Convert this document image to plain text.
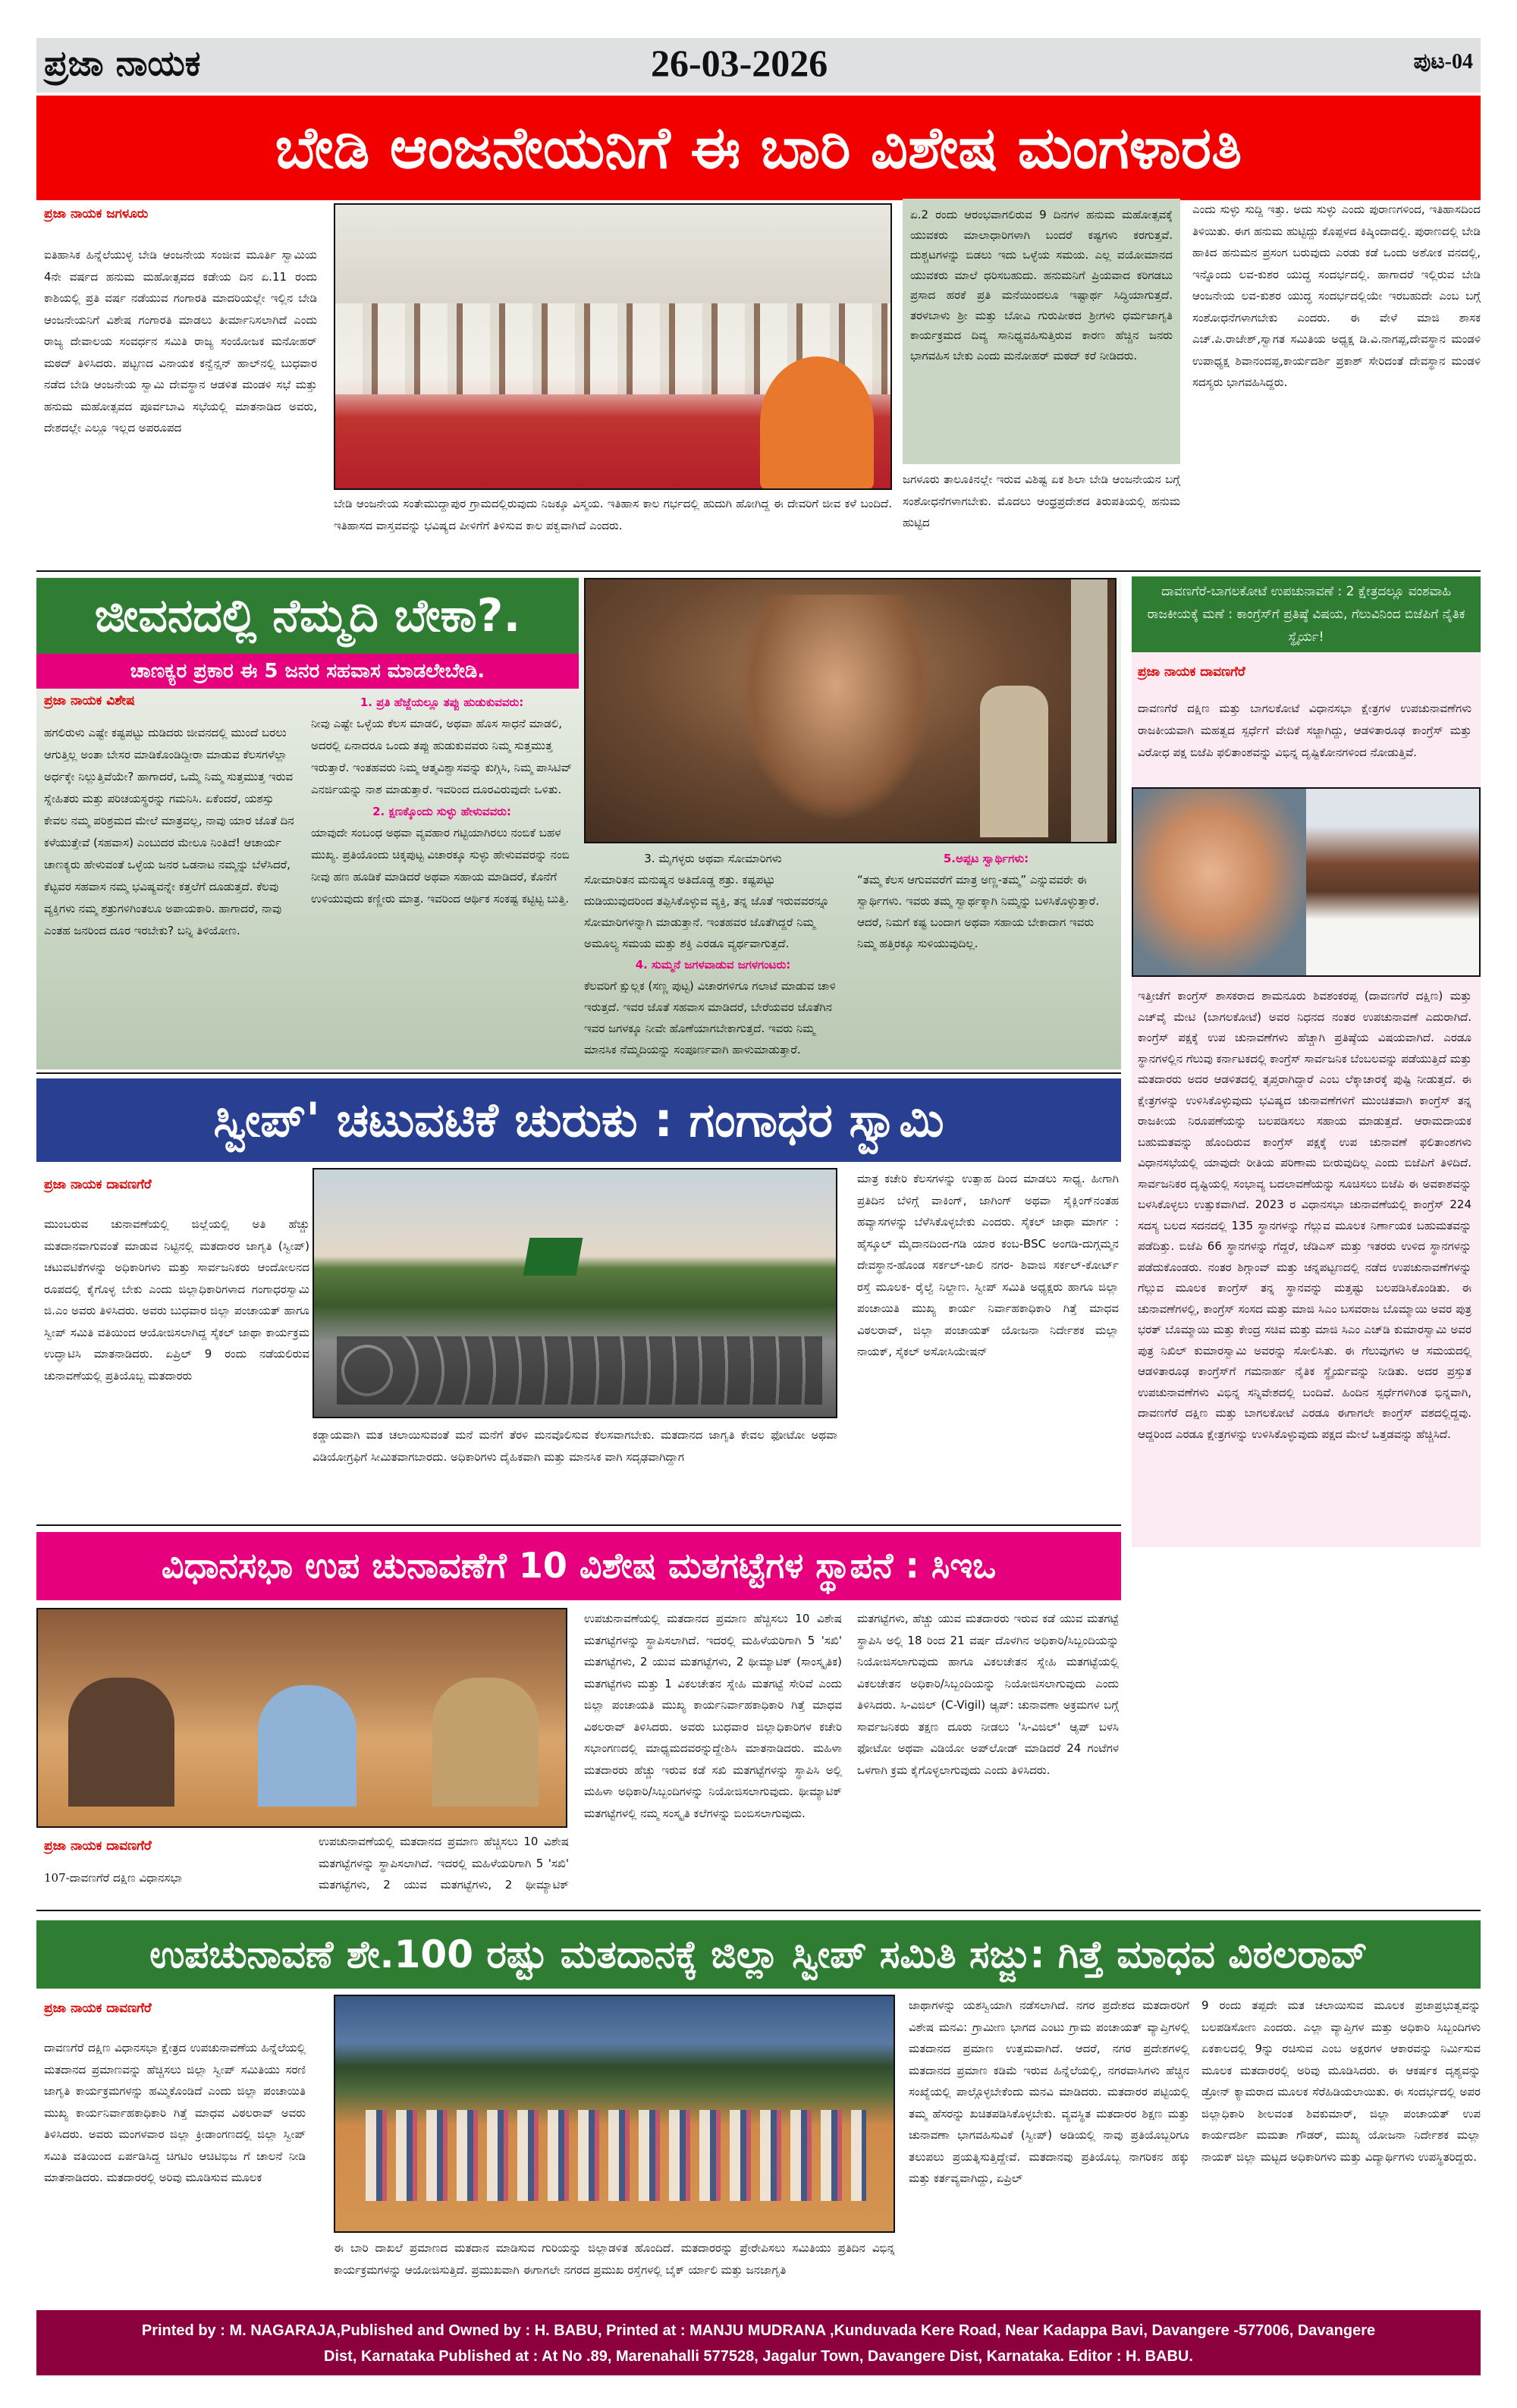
ಪ್ರಜಾ ನಾಯಕ	26-03-2026	ಪುಟ-04
ಬೇಡಿ ಆಂಜನೇಯನಿಗೆ ಈ ಬಾರಿ ವಿಶೇಷ ಮಂಗಳಾರತಿ
ಪ್ರಜಾ ನಾಯಕ ಜಗಳೂರು
ಐತಿಹಾಸಿಕ ಹಿನ್ನೆಲೆಯುಳ್ಳ ಬೇಡಿ ಆಂಜನೇಯ ಸಂಜೀವ ಮೂರ್ತಿ ಸ್ವಾಮಿಯ 4ನೇ ವರ್ಷದ ಹನುಮ ಮಹೋತ್ಸವದ ಕಡೇಯ ದಿನ ಏ.11 ರಂದು ಕಾಶಿಯಲ್ಲಿ ಪ್ರತಿ ವರ್ಷ ನಡೆಯುವ ಗಂಗಾರತಿ ಮಾದರಿಯಲ್ಲೇ ಇಲ್ಲಿನ ಬೇಡಿ ಆಂಜನೇಯನಿಗೆ ವಿಶೇಷ ಗಂಗಾರತಿ ಮಾಡಲು ತೀರ್ಮಾನಿಸಲಾಗಿದೆ ಎಂದು ರಾಜ್ಯ ದೇವಾಲಯ ಸಂವರ್ಧನ ಸಮಿತಿ ರಾಜ್ಯ ಸಂಯೋಜಕ ಮನೋಹರ್ ಮಠದ್ ತಿಳಿಸಿದರು. ಪಟ್ಟಣದ ವಿನಾಯಕ ಕನ್ವೆನ್ಷನ್ ಹಾಲ್‌ನಲ್ಲಿ ಬುಧವಾರ ನಡೆದ ಬೇಡಿ ಆಂಜನೇಯ ಸ್ವಾಮಿ ದೇವಸ್ಥಾನ ಆಡಳಿತ ಮಂಡಳಿ ಸಭೆ ಮತ್ತು ಹನುಮ ಮಹೋತ್ಸವದ ಪೂರ್ವಬಾವಿ ಸಭೆಯಲ್ಲಿ ಮಾತನಾಡಿದ ಅವರು, ದೇಶದಲ್ಲೇ ಎಲ್ಲೂ ಇಲ್ಲದ ಅಪರೂಪದ
ಬೇಡಿ ಆಂಜನೇಯ ಸಂತೇಮುದ್ದಾಪುರ ಗ್ರಾಮದಲ್ಲಿರುವುದು ನಿಜಕ್ಕೂ ವಿಸ್ಮಯ. ಇತಿಹಾಸ ಕಾಲ ಗರ್ಭದಲ್ಲಿ ಹುದುಗಿ ಹೋಗಿದ್ದ ಈ ದೇವರಿಗೆ ಜೀವ ಕಳೆ ಬಂದಿದೆ. ಇತಿಹಾಸದ ವಾಸ್ತವವನ್ನು ಭವಿಷ್ಯದ ಪೀಳಿಗೆಗೆ ತಿಳಿಸುವ ಕಾಲ ಪಕ್ವವಾಗಿದೆ ಎಂದರು.
ಏ.2 ರಂದು ಆರಂಭವಾಗಲಿರುವ 9 ದಿನಗಳ ಹನುಮ ಮಹೋತ್ಸವಕ್ಕೆ ಯುವಕರು ಮಾಲಾಧಾರಿಗಳಾಗಿ ಬಂದರೆ ಕಷ್ಟಗಳು ಕರಗುತ್ತವೆ. ದುಶ್ಚಟಗಳನ್ನು ಬಿಡಲು ಇದು ಒಳ್ಳೆಯ ಸಮಯ. ಎಲ್ಲ ವಯೋಮಾನದ ಯುವಕರು ಮಾಲೆ ಧರಿಸಬಹುದು. ಹನುಮನಿಗೆ ಪ್ರಿಯವಾದ ಕರಿಗಡಬು ಪ್ರಸಾದ ಹರಕೆ ಪ್ರತಿ ಮನೆಯಿಂದಲೂ ಇಷ್ಟಾರ್ಥ ಸಿದ್ಧಿಯಾಗುತ್ತದೆ. ತರಳಬಾಳು ಶ್ರೀ ಮತ್ತು ಬೋವಿ ಗುರುಪೀಠದ ಶ್ರೀಗಳು ಧರ್ಮಜಾಗೃತಿ ಕಾರ್ಯಕ್ರಮದ ದಿವ್ಯ ಸಾನಿಧ್ಯವಹಿಸುತ್ತಿರುವ ಕಾರಣ ಹೆಚ್ಚಿನ ಜನರು ಭಾಗವಹಿಸ ಬೇಕು ಎಂದು ಮನೋಹರ್ ಮಠದ್ ಕರೆ ನೀಡಿದರು.
ಜಗಳೂರು ತಾಲೂಕಿನಲ್ಲೇ ಇರುವ ವಿಶಿಷ್ಟ ಏಕ ಶಿಲಾ ಬೇಡಿ ಆಂಜನೇಯನ ಬಗ್ಗೆ ಸಂಶೋಧನೆಗಳಾಗಬೇಕು. ಮೊದಲು ಆಂಧ್ರಪ್ರದೇಶದ ತಿರುಪತಿಯಲ್ಲಿ ಹನುಮ ಹುಟ್ಟಿದ
ಎಂದು ಸುಳ್ಳು ಸುದ್ದಿ ಇತ್ತು. ಅದು ಸುಳ್ಳು ಎಂದು ಪುರಾಣಗಳಿಂದ, ಇತಿಹಾಸದಿಂದ ತಿಳಿಯಿತು. ಈಗ ಹನುಮ ಹುಟ್ಟಿದ್ದು ಕೊಪ್ಪಳದ ಕಿಷ್ಕಿಂದಾದಲ್ಲಿ. ಪುರಾಣದಲ್ಲಿ ಬೇಡಿ ಹಾಕಿದ ಹನುಮನ ಪ್ರಸಂಗ ಬರುವುದು ಎರಡು ಕಡೆ ಒಂದು ಅಶೋಕ ವನದಲ್ಲಿ, ಇನ್ನೊಂದು ಲವ-ಕುಶರ ಯುದ್ಧ ಸಂದರ್ಭದಲ್ಲಿ. ಹಾಗಾದರೆ ಇಲ್ಲಿರುವ ಬೇಡಿ ಆಂಜನೇಯ ಲವ-ಕುಶರ ಯುದ್ಧ ಸಂದರ್ಭದಲ್ಲಿಯೇ ಇರಬಹುದೇ ಎಂಬ ಬಗ್ಗೆ ಸಂಶೋಧನೆಗಳಾಗಬೇಕು ಎಂದರು. ಈ ವೇಳೆ ಮಾಜಿ ಶಾಸಕ ಎಚ್.ಪಿ.ರಾಜೇಶ್,ಸ್ವಾಗತ ಸಮಿತಿಯ ಅಧ್ಯಕ್ಷ ಡಿ.ವಿ.ನಾಗಪ್ಪ,ದೇವಸ್ಥಾನ ಮಂಡಳಿ ಉಪಾಧ್ಯಕ್ಷ ಶಿವಾನಂದಪ್ಪ,ಕಾರ್ಯದರ್ಶಿ ಪ್ರಕಾಶ್ ಸೇರಿದಂತೆ ದೇವಸ್ಥಾನ ಮಂಡಳಿ ಸದಸ್ಯರು ಭಾಗವಹಿಸಿದ್ದರು.
ಜೀವನದಲ್ಲಿ ನೆಮ್ಮದಿ ಬೇಕಾ?.
ಚಾಣಕ್ಯರ ಪ್ರಕಾರ ಈ 5 ಜನರ ಸಹವಾಸ ಮಾಡಲೇಬೇಡಿ.
ಪ್ರಜಾ ನಾಯಕ ವಿಶೇಷ
ಹಗಲಿರುಳು ಎಷ್ಟೇ ಕಷ್ಟಪಟ್ಟು ದುಡಿದರು ಜೀವನದಲ್ಲಿ ಮುಂದೆ ಬರಲು ಆಗುತ್ತಿಲ್ಲ ಅಂತಾ ಬೇಸರ ಮಾಡಿಕೊಂಡಿದ್ದೀರಾ ಮಾಡುವ ಕೆಲಸಗಳೆಲ್ಲಾ ಅರ್ಧಕ್ಕೇ ನಿಲ್ಲುತ್ತಿವೆಯೇ? ಹಾಗಾದರೆ, ಒಮ್ಮೆ ನಿಮ್ಮ ಸುತ್ತಮುತ್ತ ಇರುವ ಸ್ನೇಹಿತರು ಮತ್ತು ಪರಿಚಯಸ್ಥರನ್ನು ಗಮನಿಸಿ. ಏಕೆಂದರೆ, ಯಶಸ್ಸು ಕೇವಲ ನಮ್ಮ ಪರಿಶ್ರಮದ ಮೇಲೆ ಮಾತ್ರವಲ್ಲ, ನಾವು ಯಾರ ಜೊತೆ ದಿನ ಕಳೆಯುತ್ತೇವೆ (ಸಹವಾಸ) ಎಂಬುದರ ಮೇಲೂ ನಿಂತಿದೆ! ಆಚಾರ್ಯ ಚಾಣಕ್ಯರು ಹೇಳುವಂತೆ ಒಳ್ಳೆಯ ಜನರ ಒಡನಾಟ ನಮ್ಮನ್ನು ಬೆಳೆಸಿದರೆ, ಕೆಟ್ಟವರ ಸಹವಾಸ ನಮ್ಮ ಭವಿಷ್ಯವನ್ನೇ ಕತ್ತಲೆಗೆ ದೂಡುತ್ತದೆ. ಕೆಲವು ವ್ಯಕ್ತಿಗಳು ನಮ್ಮ ಶತ್ರುಗಳಿಗಿಂತಲೂ ಅಪಾಯಕಾರಿ. ಹಾಗಾದರೆ, ನಾವು ಎಂತಹ ಜನರಿಂದ ದೂರ ಇರಬೇಕು? ಬನ್ನಿ ತಿಳಿಯೋಣ.
1. ಪ್ರತಿ ಹೆಜ್ಜೆಯಲ್ಲೂ ತಪ್ಪು ಹುಡುಕುವವರು:
ನೀವು ಎಷ್ಟೇ ಒಳ್ಳೆಯ ಕೆಲಸ ಮಾಡಲಿ, ಅಥವಾ ಹೊಸ ಸಾಧನೆ ಮಾಡಲಿ, ಅದರಲ್ಲಿ ಏನಾದರೂ ಒಂದು ತಪ್ಪು ಹುಡುಕುವವರು ನಿಮ್ಮ ಸುತ್ತಮುತ್ತ ಇರುತ್ತಾರೆ. ಇಂತಹವರು ನಿಮ್ಮ ಆತ್ಮವಿಶ್ವಾಸವನ್ನು ಕುಗ್ಗಿಸಿ, ನಿಮ್ಮ ಪಾಸಿಟಿವ್ ಎನರ್ಜಿಯನ್ನು ನಾಶ ಮಾಡುತ್ತಾರೆ. ಇವರಿಂದ ದೂರವಿರುವುದೇ ಒಳಿತು.
2. ಕ್ಷಣಕ್ಕೊಂದು ಸುಳ್ಳು ಹೇಳುವವರು:
ಯಾವುದೇ ಸಂಬಂಧ ಅಥವಾ ವ್ಯವಹಾರ ಗಟ್ಟಿಯಾಗಿರಲು ನಂಬಿಕೆ ಬಹಳ ಮುಖ್ಯ. ಪ್ರತಿಯೊಂದು ಚಿಕ್ಕಪುಟ್ಟ ವಿಚಾರಕ್ಕೂ ಸುಳ್ಳು ಹೇಳುವವರನ್ನು ನಂಬಿ ನೀವು ಹಣ ಹೂಡಿಕೆ ಮಾಡಿದರೆ ಅಥವಾ ಸಹಾಯ ಮಾಡಿದರೆ, ಕೊನೆಗೆ ಉಳಿಯುವುದು ಕಣ್ಣೀರು ಮಾತ್ರ. ಇವರಿಂದ ಆರ್ಥಿಕ ಸಂಕಷ್ಟ ಕಟ್ಟಿಟ್ಟ ಬುತ್ತಿ.
3. ಮೈಗಳ್ಳರು ಅಥವಾ ಸೋಮಾರಿಗಳು
ಸೋಮಾರಿತನ ಮನುಷ್ಯನ ಅತಿದೊಡ್ಡ ಶತ್ರು. ಕಷ್ಟಪಟ್ಟು ದುಡಿಯುವುದರಿಂದ ತಪ್ಪಿಸಿಕೊಳ್ಳುವ ವ್ಯಕ್ತಿ, ತನ್ನ ಜೊತೆ ಇರುವವರನ್ನೂ ಸೋಮಾರಿಗಳನ್ನಾಗಿ ಮಾಡುತ್ತಾನೆ. ಇಂತಹವರ ಜೊತೆಗಿದ್ದರೆ ನಿಮ್ಮ ಅಮೂಲ್ಯ ಸಮಯ ಮತ್ತು ಶಕ್ತಿ ಎರಡೂ ವ್ಯರ್ಥವಾಗುತ್ತದೆ.
4. ಸುಮ್ಮನೆ ಜಗಳವಾಡುವ ಜಗಳಗಂಟರು:
ಕೆಲವರಿಗೆ ಕ್ಷುಲ್ಲಕ (ಸಣ್ಣ ಪುಟ್ಟ) ವಿಚಾರಗಳಿಗೂ ಗಲಾಟೆ ಮಾಡುವ ಚಾಳಿ ಇರುತ್ತದೆ. ಇವರ ಜೊತೆ ಸಹವಾಸ ಮಾಡಿದರೆ, ಬೇರೆಯವರ ಜೊತೆಗಿನ ಇವರ ಜಗಳಕ್ಕೂ ನೀವೇ ಹೊಣೆಯಾಗಬೇಕಾಗುತ್ತದೆ. ಇವರು ನಿಮ್ಮ ಮಾನಸಿಕ ನೆಮ್ಮದಿಯನ್ನು ಸಂಪೂರ್ಣವಾಗಿ ಹಾಳುಮಾಡುತ್ತಾರೆ.
5.ಅಪ್ಪಟ ಸ್ವಾರ್ಥಿಗಳು:
“ತಮ್ಮ ಕೆಲಸ ಆಗುವವರೆಗೆ ಮಾತ್ರ ಅಣ್ಣ-ತಮ್ಮ” ಎನ್ನುವವರೇ ಈ ಸ್ವಾರ್ಥಿಗಳು. ಇವರು ತಮ್ಮ ಸ್ವಾರ್ಥಕ್ಕಾಗಿ ನಿಮ್ಮನ್ನು ಬಳಸಿಕೊಳ್ಳುತ್ತಾರೆ. ಆದರೆ, ನಿಮಗೆ ಕಷ್ಟ ಬಂದಾಗ ಅಥವಾ ಸಹಾಯ ಬೇಕಾದಾಗ ಇವರು ನಿಮ್ಮ ಹತ್ತಿರಕ್ಕೂ ಸುಳಿಯುವುದಿಲ್ಲ.
ದಾವಣಗೆರೆ-ಬಾಗಲಕೋಟೆ ಉಪಚುನಾವಣೆ : 2 ಕ್ಷೇತ್ರದಲ್ಲೂ ವಂಶವಾಹಿ ರಾಜಕೀಯಕ್ಕೆ ಮಣೆ : ಕಾಂಗ್ರೆಸ್‌ಗೆ ಪ್ರತಿಷ್ಠೆ ವಿಷಯ, ಗೆಲುವಿನಿಂದ ಬಿಜೆಪಿಗೆ ನೈತಿಕ ಸ್ಥೈರ್ಯ!
ಪ್ರಜಾ ನಾಯಕ ದಾವಣಗೆರೆ
ದಾವಣಗೆರೆ ದಕ್ಷಿಣ ಮತ್ತು ಬಾಗಲಕೋಟೆ ವಿಧಾನಸಭಾ ಕ್ಷೇತ್ರಗಳ ಉಪಚುನಾವಣೆಗಳು ರಾಜಕೀಯವಾಗಿ ಮಹತ್ವದ ಸ್ಪರ್ಧೆಗೆ ವೇದಿಕೆ ಸಜ್ಜಾಗಿದ್ದು, ಆಡಳಿತಾರೂಢ ಕಾಂಗ್ರೆಸ್ ಮತ್ತು ವಿರೋಧ ಪಕ್ಷ ಬಿಜೆಪಿ ಫಲಿತಾಂಶವನ್ನು ವಿಭಿನ್ನ ದೃಷ್ಟಿಕೋನಗಳಿಂದ ನೋಡುತ್ತಿವೆ.
ಇತ್ತೀಚೆಗೆ ಕಾಂಗ್ರೆಸ್ ಶಾಸಕರಾದ ಶಾಮನೂರು ಶಿವಶಂಕರಪ್ಪ (ದಾವಣಗೆರೆ ದಕ್ಷಿಣ) ಮತ್ತು ಎಚ್‌ವೈ ಮೇಟಿ (ಬಾಗಲಕೋಟೆ) ಅವರ ನಿಧನದ ನಂತರ ಉಪಚುನಾವಣೆ ಎದುರಾಗಿದೆ. ಕಾಂಗ್ರೆಸ್ ಪಕ್ಷಕ್ಕೆ ಉಪ ಚುನಾವಣೆಗಳು ಹೆಚ್ಚಾಗಿ ಪ್ರತಿಷ್ಠೆಯ ವಿಷಯವಾಗಿದೆ. ಎರಡೂ ಸ್ಥಾನಗಳಲ್ಲಿನ ಗೆಲುವು ಕರ್ನಾಟಕದಲ್ಲಿ ಕಾಂಗ್ರೆಸ್ ಸಾರ್ವಜನಿಕ ಬೆಂಬಲವನ್ನು ಪಡೆಯುತ್ತಿದೆ ಮತ್ತು ಮತದಾರರು ಅದರ ಆಡಳಿತದಲ್ಲಿ ತೃಪ್ತರಾಗಿದ್ದಾರೆ ಎಂಬ ಲೆಕ್ಕಾಚಾರಕ್ಕೆ ಪುಷ್ಟಿ ನೀಡುತ್ತದೆ. ಈ ಕ್ಷೇತ್ರಗಳನ್ನು ಉಳಿಸಿಕೊಳ್ಳುವುದು ಭವಿಷ್ಯದ ಚುನಾವಣೆಗಳಿಗೆ ಮುಂಚಿತವಾಗಿ ಕಾಂಗ್ರೆಸ್ ತನ್ನ ರಾಜಕೀಯ ನಿರೂಪಣೆಯನ್ನು ಬಲಪಡಿಸಲು ಸಹಾಯ ಮಾಡುತ್ತದೆ. ಆರಾಮದಾಯಕ ಬಹುಮತವನ್ನು ಹೊಂದಿರುವ ಕಾಂಗ್ರೆಸ್ ಪಕ್ಷಕ್ಕೆ ಉಪ ಚುನಾವಣೆ ಫಲಿತಾಂಶಗಳು ವಿಧಾನಸಭೆಯಲ್ಲಿ ಯಾವುದೇ ರೀತಿಯ ಪರಿಣಾಮ ಬೀರುವುದಿಲ್ಲ ಎಂದು ಬಿಜೆಪಿಗೆ ತಿಳಿದಿದೆ. ಸಾರ್ವಜನಿಕರ ದೃಷ್ಟಿಯಲ್ಲಿ ಸಂಭಾವ್ಯ ಬದಲಾವಣೆಯನ್ನು ಸೂಚಿಸಲು ಬಿಜೆಪಿ ಈ ಅವಕಾಶವನ್ನು ಬಳಸಿಕೊಳ್ಳಲು ಉತ್ಸುಕವಾಗಿದೆ. 2023 ರ ವಿಧಾನಸಭಾ ಚುನಾವಣೆಯಲ್ಲಿ ಕಾಂಗ್ರೆಸ್ 224 ಸದಸ್ಯ ಬಲದ ಸದನದಲ್ಲಿ 135 ಸ್ಥಾನಗಳನ್ನು ಗೆಲ್ಲುವ ಮೂಲಕ ನಿರ್ಣಾಯಕ ಬಹುಮತವನ್ನು ಪಡೆದಿತ್ತು. ಬಿಜೆಪಿ 66 ಸ್ಥಾನಗಳನ್ನು ಗೆದ್ದರೆ, ಜೆಡಿಎಸ್ ಮತ್ತು ಇತರರು ಉಳಿದ ಸ್ಥಾನಗಳನ್ನು ಪಡೆದುಕೊಂಡರು. ನಂತರ ಶಿಗ್ಗಾಂವ್ ಮತ್ತು ಚನ್ನಪಟ್ಟಣದಲ್ಲಿ ನಡೆದ ಉಪಚುನಾವಣೆಗಳನ್ನು ಗೆಲ್ಲುವ ಮೂಲಕ ಕಾಂಗ್ರೆಸ್ ತನ್ನ ಸ್ಥಾನವನ್ನು ಮತ್ತಷ್ಟು ಬಲಪಡಿಸಿಕೊಂಡಿತು. ಈ ಚುನಾವಣೆಗಳಲ್ಲಿ, ಕಾಂಗ್ರೆಸ್ ಸಂಸದ ಮತ್ತು ಮಾಜಿ ಸಿಎಂ ಬಸವರಾಜ ಬೊಮ್ಮಾಯಿ ಅವರ ಪುತ್ರ ಭರತ್ ಬೊಮ್ಮಾಯಿ ಮತ್ತು ಕೇಂದ್ರ ಸಚಿವ ಮತ್ತು ಮಾಜಿ ಸಿಎಂ ಎಚ್‌ಡಿ ಕುಮಾರಸ್ವಾಮಿ ಅವರ ಪುತ್ರ ನಿಖಿಲ್ ಕುಮಾರಸ್ವಾಮಿ ಅವರನ್ನು ಸೋಲಿಸಿತು. ಈ ಗೆಲುವುಗಳು ಆ ಸಮಯದಲ್ಲಿ ಆಡಳಿತಾರೂಢ ಕಾಂಗ್ರೆಸ್‌ಗೆ ಗಮನಾರ್ಹ ನೈತಿಕ ಸ್ಥೈರ್ಯವನ್ನು ನೀಡಿತು. ಅದರ ಪ್ರಸ್ತುತ ಉಪಚುನಾವಣೆಗಳು ವಿಭಿನ್ನ ಸನ್ನಿವೇಶದಲ್ಲಿ ಬಂದಿವೆ. ಹಿಂದಿನ ಸ್ಪರ್ಧೆಗಳಿಗಿಂತ ಭಿನ್ನವಾಗಿ, ದಾವಣಗೆರೆ ದಕ್ಷಿಣ ಮತ್ತು ಬಾಗಲಕೋಟೆ ಎರಡೂ ಈಗಾಗಲೇ ಕಾಂಗ್ರೆಸ್ ವಶದಲ್ಲಿದ್ದವು. ಆದ್ದರಿಂದ ಎರಡೂ ಕ್ಷೇತ್ರಗಳನ್ನು ಉಳಿಸಿಕೊಳ್ಳುವುದು ಪಕ್ಷದ ಮೇಲೆ ಒತ್ತಡವನ್ನು ಹೆಚ್ಚಿಸಿದೆ.
ಸ್ವೀಪ್' ಚಟುವಟಿಕೆ ಚುರುಕು : ಗಂಗಾಧರ ಸ್ವಾಮಿ
ಪ್ರಜಾ ನಾಯಕ ದಾವಣಗೆರೆ
ಮುಂಬರುವ ಚುನಾವಣೆಯಲ್ಲಿ ಜಿಲ್ಲೆಯಲ್ಲಿ ಅತಿ ಹೆಚ್ಚು ಮತದಾನವಾಗುವಂತೆ ಮಾಡುವ ನಿಟ್ಟಿನಲ್ಲಿ ಮತದಾರರ ಜಾಗೃತಿ (ಸ್ವೀಪ್) ಚಟುವಟಿಕೆಗಳನ್ನು ಅಧಿಕಾರಿಗಳು ಮತ್ತು ಸಾರ್ವಜನಿಕರು ಆಂದೋಲನದ ರೂಪದಲ್ಲಿ ಕೈಗೊಳ್ಳ ಬೇಕು ಎಂದು ಜಿಲ್ಲಾಧಿಕಾರಿಗಳಾದ ಗಂಗಾಧರಸ್ವಾಮಿ ಜಿ.ಎಂ ಅವರು ತಿಳಿಸಿದರು. ಅವರು ಬುಧವಾರ ಜಿಲ್ಲಾ ಪಂಚಾಯತ್ ಹಾಗೂ ಸ್ವೀಪ್ ಸಮಿತಿ ವತಿಯಿಂದ ಆಯೋಜಿಸಲಾಗಿದ್ದ ಸೈಕಲ್ ಜಾಥಾ ಕಾರ್ಯಕ್ರಮ ಉದ್ಘಾಟಿಸಿ ಮಾತನಾಡಿದರು. ಏಪ್ರಿಲ್ 9 ರಂದು ನಡೆಯಲಿರುವ ಚುನಾವಣೆಯಲ್ಲಿ ಪ್ರತಿಯೊಬ್ಬ ಮತದಾರರು
ಕಡ್ಡಾಯವಾಗಿ ಮತ ಚಲಾಯಿಸುವಂತೆ ಮನೆ ಮನೆಗೆ ತೆರಳಿ ಮನವೊಲಿಸುವ ಕೆಲಸವಾಗಬೇಕು. ಮತದಾನದ ಜಾಗೃತಿ ಕೇವಲ ಫೋಟೋ ಅಥವಾ ವಿಡಿಯೋಗ್ರಫಿಗೆ ಸೀಮಿತವಾಗಬಾರದು. ಅಧಿಕಾರಿಗಳು ದೈಹಿಕವಾಗಿ ಮತ್ತು ಮಾನಸಿಕ ವಾಗಿ ಸದೃಢವಾಗಿದ್ದಾಗ
ಮಾತ್ರ ಕಚೇರಿ ಕೆಲಸಗಳನ್ನು ಉತ್ಸಾಹ ದಿಂದ ಮಾಡಲು ಸಾಧ್ಯ. ಹೀಗಾಗಿ ಪ್ರತಿದಿನ ಬೆಳಿಗ್ಗೆ ವಾಕಿಂಗ್, ಜಾಗಿಂಗ್ ಅಥವಾ ಸೈಕ್ಲಿಂಗ್‌ನಂತಹ ಹವ್ಯಾಸಗಳನ್ನು ಬೆಳೆಸಿಕೊಳ್ಳಬೇಕು ಎಂದರು. ಸೈಕಲ್ ಜಾಥಾ ಮಾರ್ಗ : ಹೈಸ್ಕೂಲ್ ಮೈದಾನದಿಂದ-ಗಡಿ ಯಾರ ಕಂಬ-BSC ಅಂಗಡಿ-ದುಗ್ಗಮ್ಮನ ದೇವಸ್ಥಾನ-ಹೊಂಡ ಸರ್ಕಲ್-ಜಾಲಿ ನಗರ- ಶಿವಾಜಿ ಸರ್ಕಲ್-ಕೋರ್ಟ್ ರಸ್ತೆ ಮೂಲಕ- ರೈಲ್ವೆ ನಿಲ್ದಾಣ. ಸ್ವೀಪ್ ಸಮಿತಿ ಅಧ್ಯಕ್ಷರು ಹಾಗೂ ಜಿಲ್ಲಾ ಪಂಚಾಯಿತಿ ಮುಖ್ಯ ಕಾರ್ಯ ನಿರ್ವಾಹಕಾಧಿಕಾರಿ ಗಿತ್ತೆ ಮಾಧವ ವಿಠಲರಾವ್, ಜಿಲ್ಲಾ ಪಂಚಾಯತ್ ಯೋಜನಾ ನಿರ್ದೇಶಕ ಮಲ್ಲಾ ನಾಯಕ್, ಸೈಕಲ್ ಅಸೋಸಿಯೇಷನ್
ವಿಧಾನಸಭಾ ಉಪ ಚುನಾವಣೆಗೆ 10 ವಿಶೇಷ ಮತಗಟ್ಟೆಗಳ ಸ್ಥಾಪನೆ : ಸಿಇಒ
ಪ್ರಜಾ ನಾಯಕ ದಾವಣಗೆರೆ
107-ದಾವಣಗೆರೆ ದಕ್ಷಿಣ ವಿಧಾನಸಭಾ
ಉಪಚುನಾವಣೆಯಲ್ಲಿ ಮತದಾನದ ಪ್ರಮಾಣ ಹೆಚ್ಚಿಸಲು 10 ವಿಶೇಷ ಮತಗಟ್ಟೆಗಳನ್ನು ಸ್ಥಾಪಿಸಲಾಗಿದೆ. ಇದರಲ್ಲಿ ಮಹಿಳೆಯರಿಗಾಗಿ 5 'ಸಖಿ' ಮತಗಟ್ಟೆಗಳು, 2 ಯುವ ಮತಗಟ್ಟೆಗಳು, 2 ಥೀಮ್ಯಾಟಿಕ್
ಉಪಚುನಾವಣೆಯಲ್ಲಿ ಮತದಾನದ ಪ್ರಮಾಣ ಹೆಚ್ಚಿಸಲು 10 ವಿಶೇಷ ಮತಗಟ್ಟೆಗಳನ್ನು ಸ್ಥಾಪಿಸಲಾಗಿದೆ. ಇದರಲ್ಲಿ ಮಹಿಳೆಯರಿಗಾಗಿ 5 'ಸಖಿ' ಮತಗಟ್ಟೆಗಳು, 2 ಯುವ ಮತಗಟ್ಟೆಗಳು, 2 ಥೀಮ್ಯಾಟಿಕ್ (ಸಾಂಸ್ಕೃತಿಕ) ಮತಗಟ್ಟೆಗಳು ಮತ್ತು 1 ವಿಕಲಚೇತನ ಸ್ನೇಹಿ ಮತಗಟ್ಟೆ ಸೇರಿವೆ ಎಂದು ಜಿಲ್ಲಾ ಪಂಚಾಯತಿ ಮುಖ್ಯ ಕಾರ್ಯನಿರ್ವಾಹಕಾಧಿಕಾರಿ ಗಿತ್ತೆ ಮಾಧವ ವಿಠಲರಾವ್ ತಿಳಿಸಿದರು. ಅವರು ಬುಧವಾರ ಜಿಲ್ಲಾಧಿಕಾರಿಗಳ ಕಚೇರಿ ಸಭಾಂಗಣದಲ್ಲಿ ಮಾಧ್ಯಮದವರನ್ನುದ್ದೇಶಿಸಿ ಮಾತನಾಡಿದರು. ಮಹಿಳಾ ಮತದಾರರು ಹೆಚ್ಚು ಇರುವ ಕಡೆ ಸಖಿ ಮತಗಟ್ಟೆಗಳನ್ನು ಸ್ಥಾಪಿಸಿ ಅಲ್ಲಿ ಮಹಿಳಾ ಅಧಿಕಾರಿ/ಸಿಬ್ಬಂದಿಗಳನ್ನು ನಿಯೋಜಿಸಲಾಗುವುದು. ಥೀಮ್ಯಾಟಿಕ್ ಮತಗಟ್ಟೆಗಳಲ್ಲಿ ನಮ್ಮ ಸಂಸ್ಕೃತಿ ಕಲೆಗಳನ್ನು ಬಿಂಬಿಸಲಾಗುವುದು.
ಮತಗಟ್ಟೆಗಳು, ಹೆಚ್ಚು ಯುವ ಮತದಾರರು ಇರುವ ಕಡೆ ಯುವ ಮತಗಟ್ಟೆ ಸ್ಥಾಪಿಸಿ ಅಲ್ಲಿ 18 ರಿಂದ 21 ವರ್ಷ ದೊಳಗಿನ ಅಧಿಕಾರಿ/ಸಿಬ್ಬಂದಿಯನ್ನು ನಿಯೋಜಿಸಲಾಗುವುದು ಹಾಗೂ ವಿಕಲಚೇತನ ಸ್ನೇಹಿ ಮತಗಟ್ಟೆಯಲ್ಲಿ ವಿಕಲಚೇತನ ಅಧಿಕಾರಿ/ಸಿಬ್ಬಂದಿಯನ್ನು ನಿಯೋಜಿಸಲಾಗುವುದು ಎಂದು ತಿಳಿಸಿದರು. ಸಿ-ವಿಜಿಲ್ (C-Vigil) ಆ್ಯಪ್: ಚುನಾವಣಾ ಅಕ್ರಮಗಳ ಬಗ್ಗೆ ಸಾರ್ವಜನಿಕರು ತಕ್ಷಣ ದೂರು ನೀಡಲು 'ಸಿ-ವಿಜಿಲ್' ಆ್ಯಪ್ ಬಳಸಿ ಫೋಟೋ ಅಥವಾ ವಿಡಿಯೋ ಅಪ್‌ಲೋಡ್ ಮಾಡಿದರೆ 24 ಗಂಟೆಗಳ ಒಳಗಾಗಿ ಕ್ರಮ ಕೈಗೊಳ್ಳಲಾಗುವುದು ಎಂದು ತಿಳಿಸಿದರು.
ಉಪಚುನಾವಣೆ ಶೇ.100 ರಷ್ಟು ಮತದಾನಕ್ಕೆ ಜಿಲ್ಲಾ ಸ್ವೀಪ್ ಸಮಿತಿ ಸಜ್ಜು: ಗಿತ್ತೆ ಮಾಧವ ವಿಠಲರಾವ್
ಪ್ರಜಾ ನಾಯಕ ದಾವಣಗೆರೆ
ದಾವಣಗೆರೆ ದಕ್ಷಿಣ ವಿಧಾನಸಭಾ ಕ್ಷೇತ್ರದ ಉಪಚುನಾವಣೆಯ ಹಿನ್ನೆಲೆಯಲ್ಲಿ ಮತದಾನದ ಪ್ರಮಾಣವನ್ನು ಹೆಚ್ಚಿಸಲು ಜಿಲ್ಲಾ ಸ್ವೀಪ್ ಸಮಿತಿಯು ಸರಣಿ ಜಾಗೃತಿ ಕಾರ್ಯಕ್ರಮಗಳನ್ನು ಹಮ್ಮಿಕೊಂಡಿದೆ ಎಂದು ಜಿಲ್ಲಾ ಪಂಚಾಯಿತಿ ಮುಖ್ಯ ಕಾರ್ಯನಿರ್ವಾಹಕಾಧಿಕಾರಿ ಗಿತ್ತೆ ಮಾಧವ ವಿಠಲರಾವ್ ಅವರು ತಿಳಿಸಿದರು. ಅವರು ಮಂಗಳವಾರ ಜಿಲ್ಲಾ ಕ್ರೀಡಾಂಗಣದಲ್ಲಿ ಜಿಲ್ಲಾ ಸ್ವೀಪ್ ಸಮಿತಿ ವತಿಯಿಂದ ಏರ್ಪಡಿಸಿದ್ದ ಚಿಗಟಿಂ ಆಚಿಟಿಭಿಜ ಗೆ ಚಾಲನೆ ನೀಡಿ ಮಾತನಾಡಿದರು. ಮತದಾರರಲ್ಲಿ ಅರಿವು ಮೂಡಿಸುವ ಮೂಲಕ
ಈ ಬಾರಿ ದಾಖಲೆ ಪ್ರಮಾಣದ ಮತದಾನ ಮಾಡಿಸುವ ಗುರಿಯನ್ನು ಜಿಲ್ಲಾಡಳಿತ ಹೊಂದಿದೆ. ಮತದಾರರನ್ನು ಪ್ರೇರೇಪಿಸಲು ಸಮಿತಿಯು ಪ್ರತಿದಿನ ವಿಭಿನ್ನ ಕಾರ್ಯಕ್ರಮಗಳನ್ನು ಆಯೋಜಿಸುತ್ತಿದೆ. ಪ್ರಮುಖವಾಗಿ ಈಗಾಗಲೇ ನಗರದ ಪ್ರಮುಖ ರಸ್ತೆಗಳಲ್ಲಿ ಬೈಕ್ ರ್ಯಾಲಿ ಮತ್ತು ಜನಜಾಗೃತಿ
ಜಾಥಾಗಳನ್ನು ಯಶಸ್ವಿಯಾಗಿ ನಡೆಸಲಾಗಿದೆ. ನಗರ ಪ್ರದೇಶದ ಮತದಾರರಿಗೆ ವಿಶೇಷ ಮನವಿ: ಗ್ರಾಮೀಣ ಭಾಗದ ಎಂಟು ಗ್ರಾಮ ಪಂಚಾಯತ್ ವ್ಯಾಪ್ತಿಗಳಲ್ಲಿ ಮತದಾನದ ಪ್ರಮಾಣ ಉತ್ತಮವಾಗಿದೆ. ಆದರೆ, ನಗರ ಪ್ರದೇಶಗಳಲ್ಲಿ ಮತದಾನದ ಪ್ರಮಾಣ ಕಡಿಮೆ ಇರುವ ಹಿನ್ನೆಲೆಯಲ್ಲಿ, ನಗರವಾಸಿಗಳು ಹೆಚ್ಚಿನ ಸಂಖ್ಯೆಯಲ್ಲಿ ಪಾಲ್ಗೊಳ್ಳಬೇಕೆಂದು ಮನವಿ ಮಾಡಿದರು. ಮತದಾರರ ಪಟ್ಟಿಯಲ್ಲಿ ತಮ್ಮ ಹೆಸರನ್ನು ಖಚಿತಪಡಿಸಿಕೊಳ್ಳಬೇಕು. ವ್ಯವಸ್ಥಿತ ಮತದಾರರ ಶಿಕ್ಷಣ ಮತ್ತು ಚುನಾವಣಾ ಭಾಗವಹಿಸುವಿಕೆ (ಸ್ವೀಪ್) ಅಡಿಯಲ್ಲಿ ನಾವು ಪ್ರತಿಯೊಬ್ಬರಿಗೂ ತಲುಪಲು ಪ್ರಯತ್ನಿಸುತ್ತಿದ್ದೇವೆ. ಮತದಾನವು ಪ್ರತಿಯೊಬ್ಬ ನಾಗರಿಕನ ಹಕ್ಕು ಮತ್ತು ಕರ್ತವ್ಯವಾಗಿದ್ದು, ಏಪ್ರಿಲ್
9 ರಂದು ತಪ್ಪದೇ ಮತ ಚಲಾಯಿಸುವ ಮೂಲಕ ಪ್ರಜಾಪ್ರಭುತ್ವವನ್ನು ಬಲಪಡಿಸೋಣ ಎಂದರು. ಎಲ್ಲಾ ವ್ಯಾಪ್ತಿಗಳ ಮತ್ತು ಅಧಿಕಾರಿ ಸಿಬ್ಬಂದಿಗಳು ಏಕಕಾಲದಲ್ಲಿ 9ನ್ನು ರಚಿಸುವ ಎಂಬ ಅಕ್ಷರಗಳ ಆಕಾರವನ್ನು ನಿರ್ಮಿಸುವ ಮೂಲಕ ಮತದಾರರಲ್ಲಿ ಅರಿವು ಮೂಡಿಸಿದರು. ಈ ಆಕರ್ಷಕ ದೃಶ್ಯವನ್ನು ಡ್ರೋನ್ ಕ್ಯಾಮರಾದ ಮೂಲಕ ಸೆರೆಹಿಡಿಯಲಾಯಿತು. ಈ ಸಂದರ್ಭದಲ್ಲಿ ಅಪರ ಜಿಲ್ಲಾಧಿಕಾರಿ ಶೀಲವಂತ ಶಿವಕುಮಾರ್, ಜಿಲ್ಲಾ ಪಂಚಾಯತ್ ಉಪ ಕಾರ್ಯದರ್ಶಿ ಮಮತಾ ಗೌಡರ್, ಮುಖ್ಯ ಯೋಜನಾ ನಿರ್ದೇಶಕ ಮಲ್ಲಾ ನಾಯಕ್ ಜಿಲ್ಲಾ ಮಟ್ಟದ ಅಧಿಕಾರಿಗಳು ಮತ್ತು ವಿದ್ಯಾರ್ಥಿಗಳು ಉಪಸ್ಥಿತರಿದ್ದರು.
Printed by : M. NAGARAJA,Published and Owned by : H. BABU, Printed at : MANJU MUDRANA ,Kunduvada Kere Road, Near Kadappa Bavi, Davangere -577006, Davangere
Dist, Karnataka Published at : At No .89, Marenahalli 577528, Jagalur Town, Davangere Dist, Karnataka. Editor : H. BABU.
